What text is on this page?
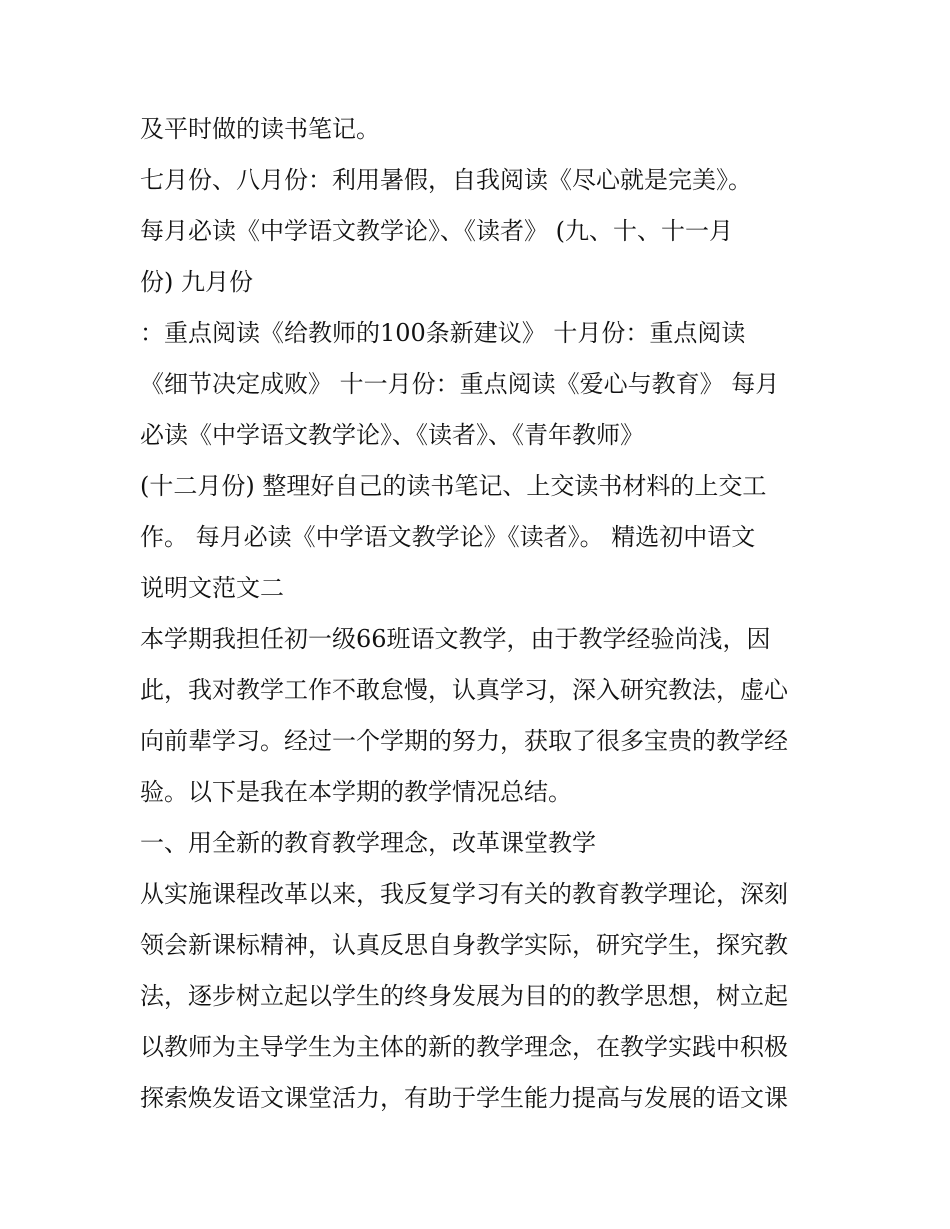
及平时做的读书笔记。
七月份、八月份：利用暑假，自我阅读《尽心就是完美》。
每月必读《中学语文教学论》、《读者》 (九、十、十一月
份) 九月份
：重点阅读《给教师的100条新建议》 十月份：重点阅读
《细节决定成败》 十一月份：重点阅读《爱心与教育》 每月
必读《中学语文教学论》、《读者》、《青年教师》
(十二月份) 整理好自己的读书笔记、上交读书材料的上交工
作。 每月必读《中学语文教学论》《读者》。 精选初中语文
说明文范文二
本学期我担任初一级66班语文教学，由于教学经验尚浅，因
此，我对教学工作不敢怠慢，认真学习，深入研究教法，虚心
向前辈学习。经过一个学期的努力，获取了很多宝贵的教学经
验。以下是我在本学期的教学情况总结。
一、用全新的教育教学理念，改革课堂教学
从实施课程改革以来，我反复学习有关的教育教学理论，深刻
领会新课标精神，认真反思自身教学实际，研究学生，探究教
法，逐步树立起以学生的终身发展为目的的教学思想，树立起
以教师为主导学生为主体的新的教学理念，在教学实践中积极
探索焕发语文课堂活力，有助于学生能力提高与发展的语文课
